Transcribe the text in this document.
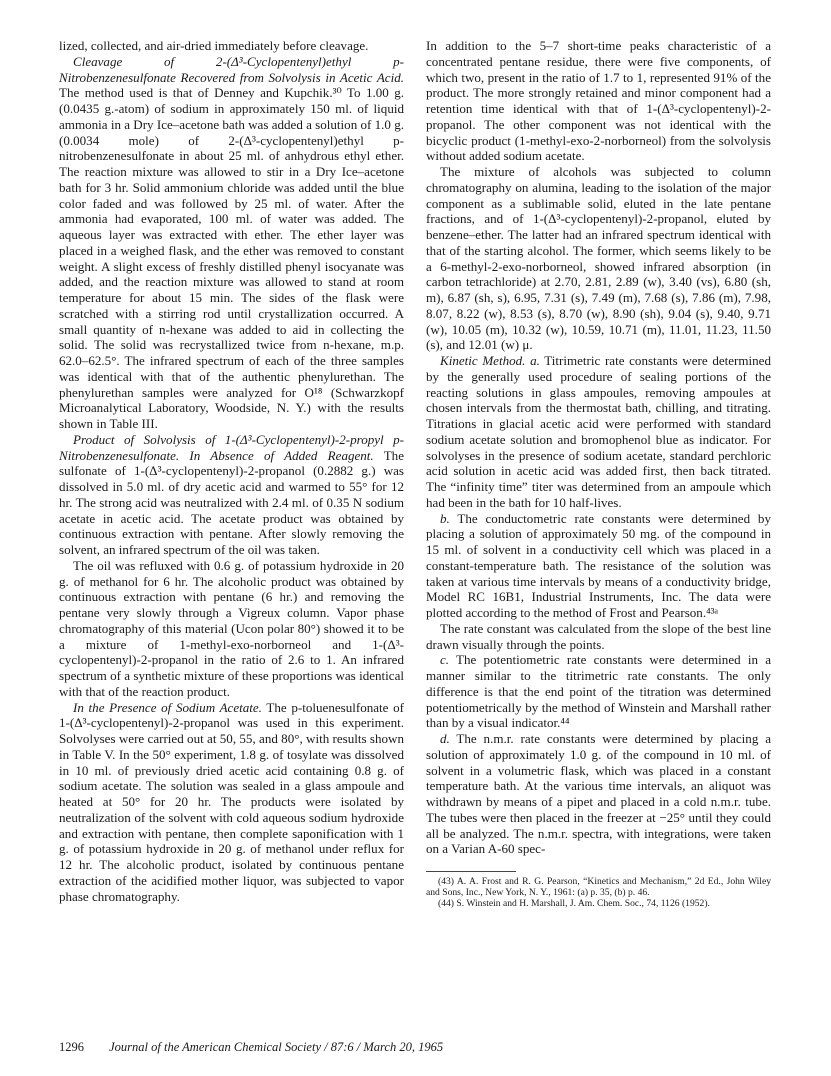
lized, collected, and air-dried immediately before cleavage.

Cleavage of 2-(Δ³-Cyclopentenyl)ethyl p-Nitrobenzenesulfonate Recovered from Solvolysis in Acetic Acid. The method used is that of Denney and Kupchik.³⁰ To 1.00 g. (0.0435 g.-atom) of sodium in approximately 150 ml. of liquid ammonia in a Dry Ice–acetone bath was added a solution of 1.0 g. (0.0034 mole) of 2-(Δ³-cyclopentenyl)ethyl p-nitrobenzenesulfonate in about 25 ml. of anhydrous ethyl ether. The reaction mixture was allowed to stir in a Dry Ice–acetone bath for 3 hr. Solid ammonium chloride was added until the blue color faded and was followed by 25 ml. of water. After the ammonia had evaporated, 100 ml. of water was added. The aqueous layer was extracted with ether. The ether layer was placed in a weighed flask, and the ether was removed to constant weight. A slight excess of freshly distilled phenyl isocyanate was added, and the reaction mixture was allowed to stand at room temperature for about 15 min. The sides of the flask were scratched with a stirring rod until crystallization occurred. A small quantity of n-hexane was added to aid in collecting the solid. The solid was recrystallized twice from n-hexane, m.p. 62.0–62.5°. The infrared spectrum of each of the three samples was identical with that of the authentic phenylurethan. The phenylurethan samples were analyzed for O¹⁸ (Schwarzkopf Microanalytical Laboratory, Woodside, N. Y.) with the results shown in Table III.

Product of Solvolysis of 1-(Δ³-Cyclopentenyl)-2-propyl p-Nitrobenzenesulfonate. In Absence of Added Reagent. The sulfonate of 1-(Δ³-cyclopentenyl)-2-propanol (0.2882 g.) was dissolved in 5.0 ml. of dry acetic acid and warmed to 55° for 12 hr. The strong acid was neutralized with 2.4 ml. of 0.35 N sodium acetate in acetic acid. The acetate product was obtained by continuous extraction with pentane. After slowly removing the solvent, an infrared spectrum of the oil was taken.

The oil was refluxed with 0.6 g. of potassium hydroxide in 20 g. of methanol for 6 hr. The alcoholic product was obtained by continuous extraction with pentane (6 hr.) and removing the pentane very slowly through a Vigreux column. Vapor phase chromatography of this material (Ucon polar 80°) showed it to be a mixture of 1-methyl-exo-norborneol and 1-(Δ³-cyclopentenyl)-2-propanol in the ratio of 2.6 to 1. An infrared spectrum of a synthetic mixture of these proportions was identical with that of the reaction product.

In the Presence of Sodium Acetate. The p-toluenesulfonate of 1-(Δ³-cyclopentenyl)-2-propanol was used in this experiment. Solvolyses were carried out at 50, 55, and 80°, with results shown in Table V. In the 50° experiment, 1.8 g. of tosylate was dissolved in 10 ml. of previously dried acetic acid containing 0.8 g. of sodium acetate. The solution was sealed in a glass ampoule and heated at 50° for 20 hr. The products were isolated by neutralization of the solvent with cold aqueous sodium hydroxide and extraction with pentane, then complete saponification with 1 g. of potassium hydroxide in 20 g. of methanol under reflux for 12 hr. The alcoholic product, isolated by continuous pentane extraction of the acidified mother liquor, was subjected to vapor phase chromatography.

In addition to the 5–7 short-time peaks characteristic of a concentrated pentane residue, there were five components, of which two, present in the ratio of 1.7 to 1, represented 91% of the product. The more strongly retained and minor component had a retention time identical with that of 1-(Δ³-cyclopentenyl)-2-propanol. The other component was not identical with the bicyclic product (1-methyl-exo-2-norborneol) from the solvolysis without added sodium acetate.

The mixture of alcohols was subjected to column chromatography on alumina, leading to the isolation of the major component as a sublimable solid, eluted in the late pentane fractions, and of 1-(Δ³-cyclopentenyl)-2-propanol, eluted by benzene–ether. The latter had an infrared spectrum identical with that of the starting alcohol. The former, which seems likely to be a 6-methyl-2-exo-norborneol, showed infrared absorption (in carbon tetrachloride) at 2.70, 2.81, 2.89 (w), 3.40 (vs), 6.80 (sh, m), 6.87 (sh, s), 6.95, 7.31 (s), 7.49 (m), 7.68 (s), 7.86 (m), 7.98, 8.07, 8.22 (w), 8.53 (s), 8.70 (w), 8.90 (sh), 9.04 (s), 9.40, 9.71 (w), 10.05 (m), 10.32 (w), 10.59, 10.71 (m), 11.01, 11.23, 11.50 (s), and 12.01 (w) μ.

Kinetic Method. a. Titrimetric rate constants were determined by the generally used procedure of sealing portions of the reacting solutions in glass ampoules, removing ampoules at chosen intervals from the thermostat bath, chilling, and titrating. Titrations in glacial acetic acid were performed with standard sodium acetate solution and bromophenol blue as indicator. For solvolyses in the presence of sodium acetate, standard perchloric acid solution in acetic acid was added first, then back titrated. The “infinity time” titer was determined from an ampoule which had been in the bath for 10 half-lives.

b. The conductometric rate constants were determined by placing a solution of approximately 50 mg. of the compound in 15 ml. of solvent in a conductivity cell which was placed in a constant-temperature bath. The resistance of the solution was taken at various time intervals by means of a conductivity bridge, Model RC 16B1, Industrial Instruments, Inc. The data were plotted according to the method of Frost and Pearson.⁴³ᵃ

The rate constant was calculated from the slope of the best line drawn visually through the points.

c. The potentiometric rate constants were determined in a manner similar to the titrimetric rate constants. The only difference is that the end point of the titration was determined potentiometrically by the method of Winstein and Marshall rather than by a visual indicator.⁴⁴

d. The n.m.r. rate constants were determined by placing a solution of approximately 1.0 g. of the compound in 10 ml. of solvent in a volumetric flask, which was placed in a constant temperature bath. At the various time intervals, an aliquot was withdrawn by means of a pipet and placed in a cold n.m.r. tube. The tubes were then placed in the freezer at −25° until they could all be analyzed. The n.m.r. spectra, with integrations, were taken on a Varian A-60 spec-

(43) A. A. Frost and R. G. Pearson, “Kinetics and Mechanism,” 2d Ed., John Wiley and Sons, Inc., New York, N. Y., 1961: (a) p. 35, (b) p. 46.

(44) S. Winstein and H. Marshall, J. Am. Chem. Soc., 74, 1126 (1952).

1296 Journal of the American Chemical Society / 87:6 / March 20, 1965
